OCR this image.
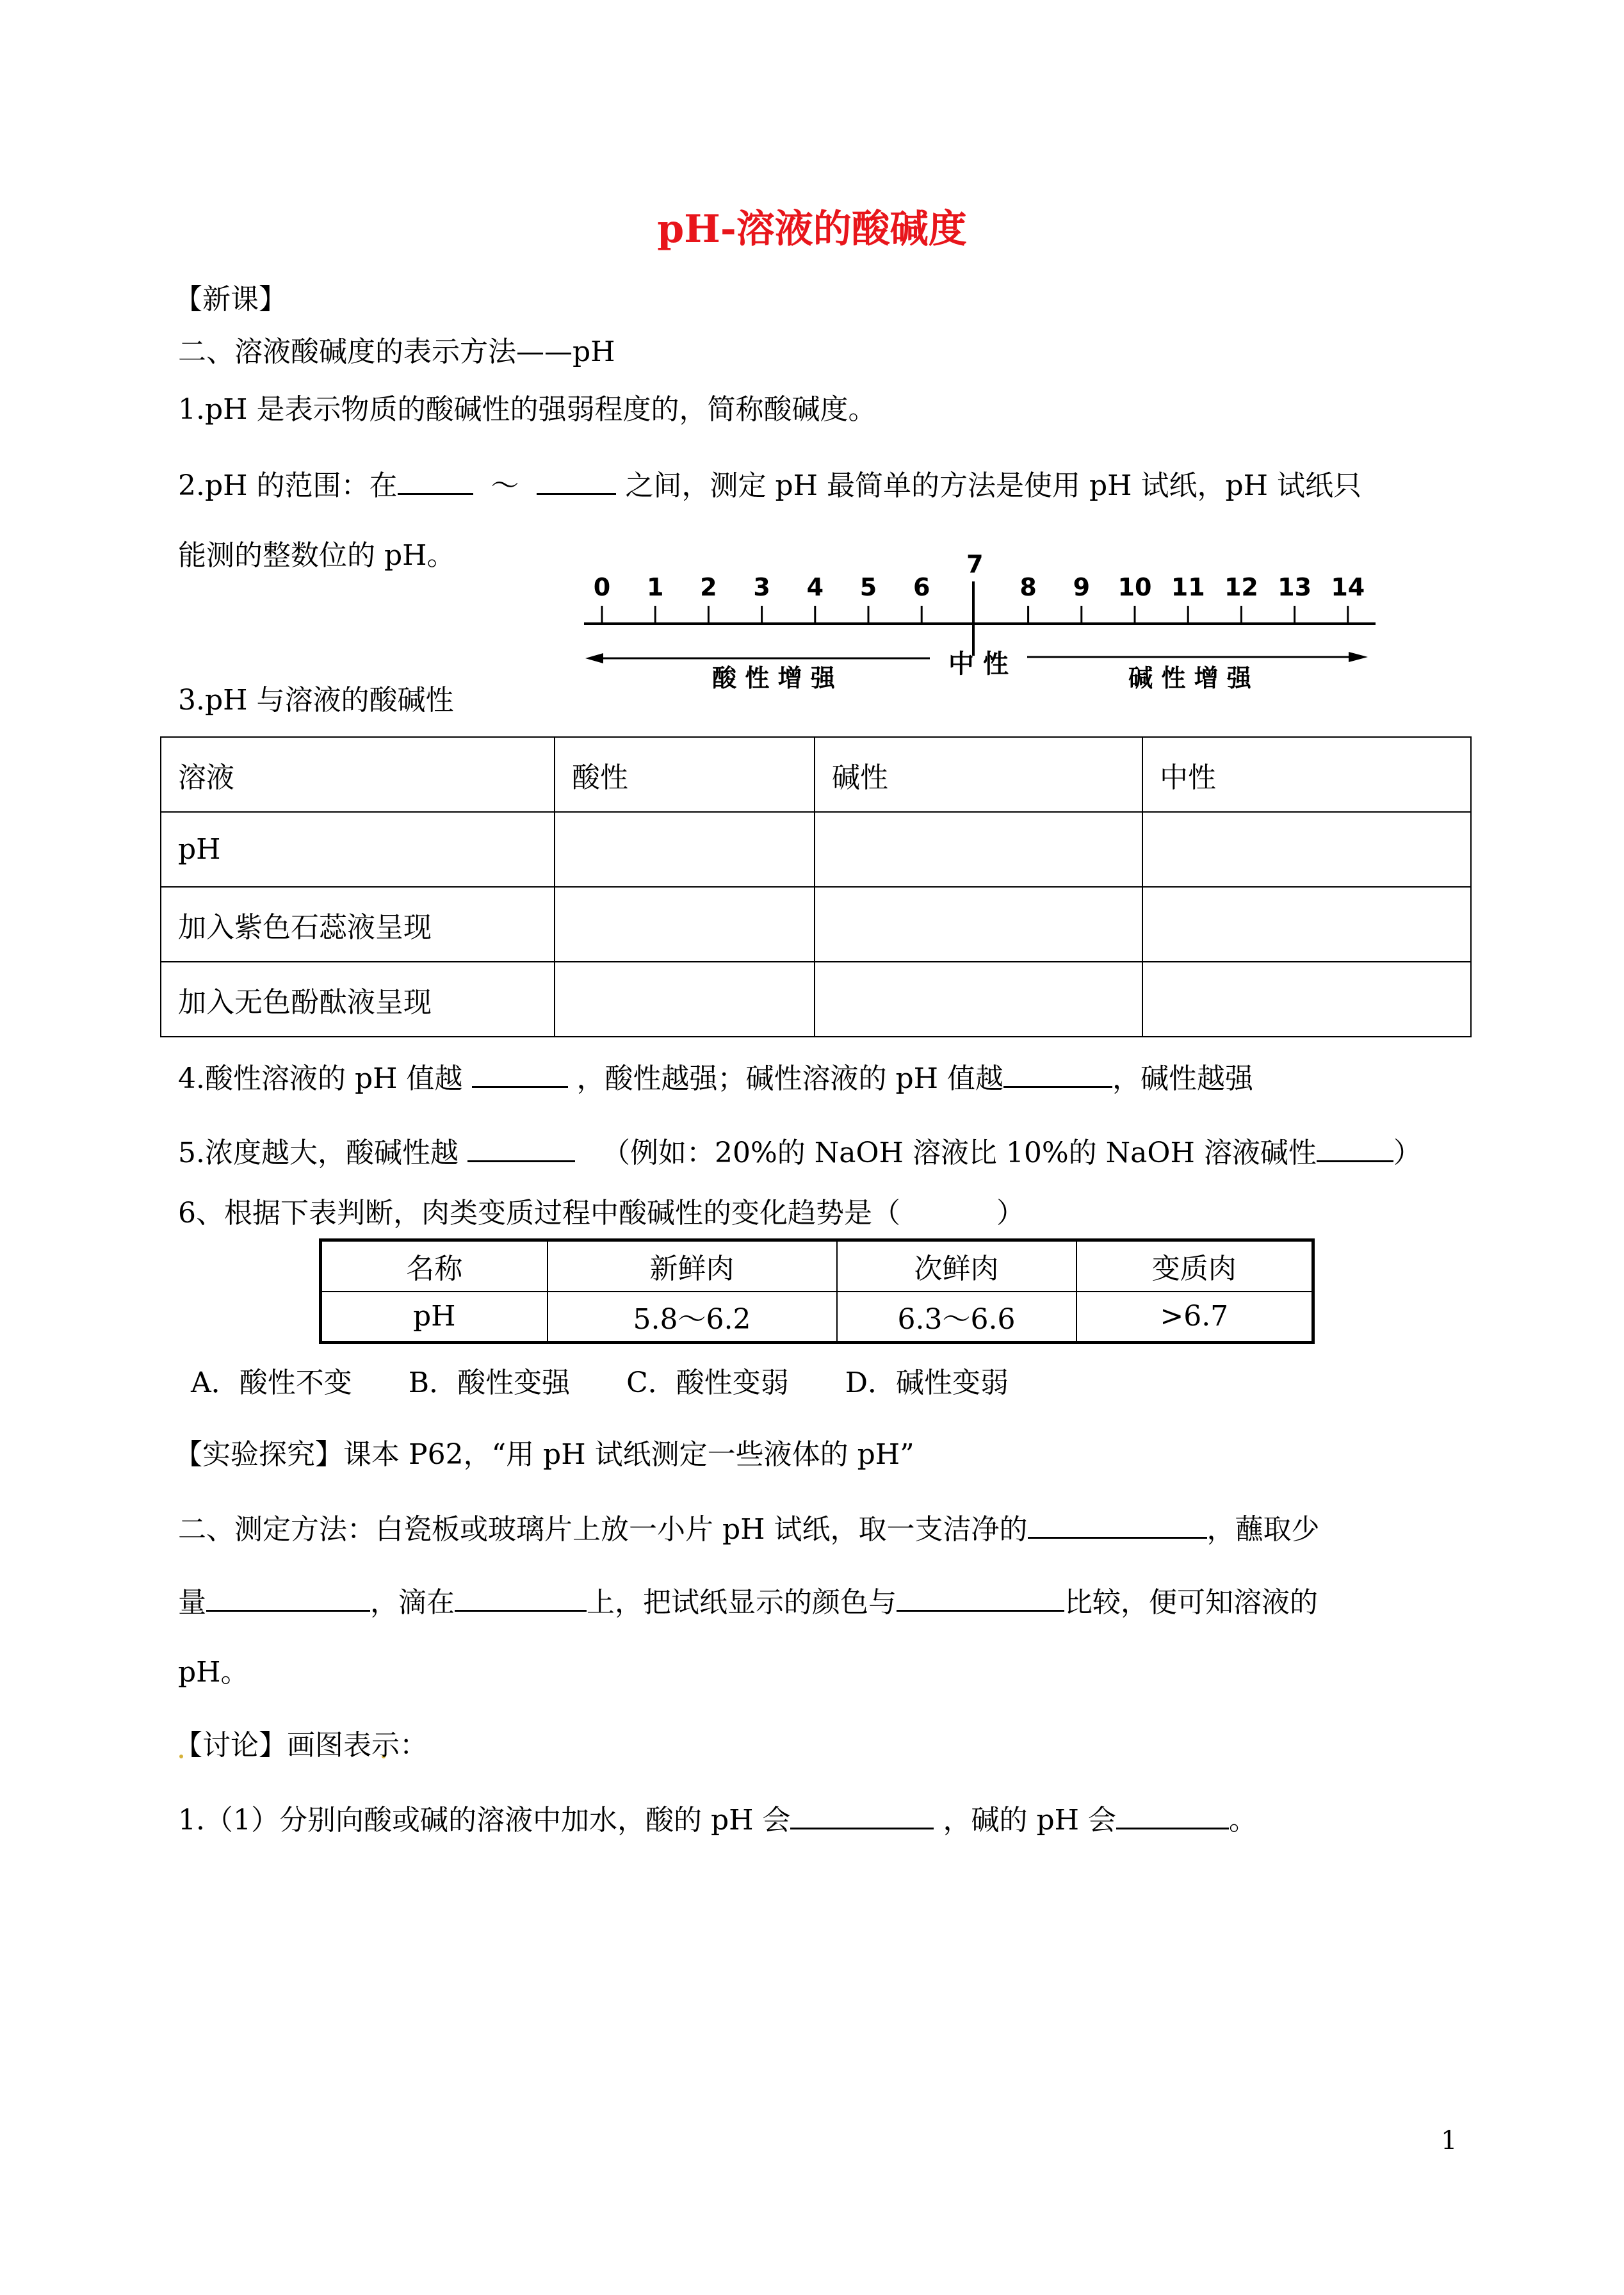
pH-溶液的酸碱度
【新课】
二、溶液酸碱度的表示方法——pH
1.pH 是表示物质的酸碱性的强弱程度的，简称酸碱度。
2.pH 的范围：在	～	之间，测定 pH 最简单的方法是使用 pH 试纸，pH 试纸只
能测的整数位的 pH。
0 1 2 3 4 5 6
7
8 9 10 11 12 13 14
酸 性 增 强	中 性	碱 性 增 强
3.pH 与溶液的酸碱性
溶液	酸性	碱性	中性
pH			
加入紫色石蕊液呈现			
加入无色酚酞液呈现			
4.酸性溶液的 pH 值越	，酸性越强；碱性溶液的 pH 值越	，碱性越强
5.浓度越大，酸碱性越	（例如：20%的 NaOH 溶液比 10%的 NaOH 溶液碱性	）
6、根据下表判断，肉类变质过程中酸碱性的变化趋势是（	）
名称	新鲜肉	次鲜肉	变质肉
pH	5.8～6.2	6.3～6.6	>6.7
A．酸性不变　　B．酸性变强　　C．酸性变弱　　D．碱性变弱
【实验探究】课本 P62，“用 pH 试纸测定一些液体的 pH”
二、测定方法：白瓷板或玻璃片上放一小片 pH 试纸，取一支洁净的	，蘸取少
量	，滴在	上，把试纸显示的颜色与	比较，便可知溶液的
pH。
【讨论】画图表示：
1.（1）分别向酸或碱的溶液中加水，酸的 pH 会	，碱的 pH 会	。
1
